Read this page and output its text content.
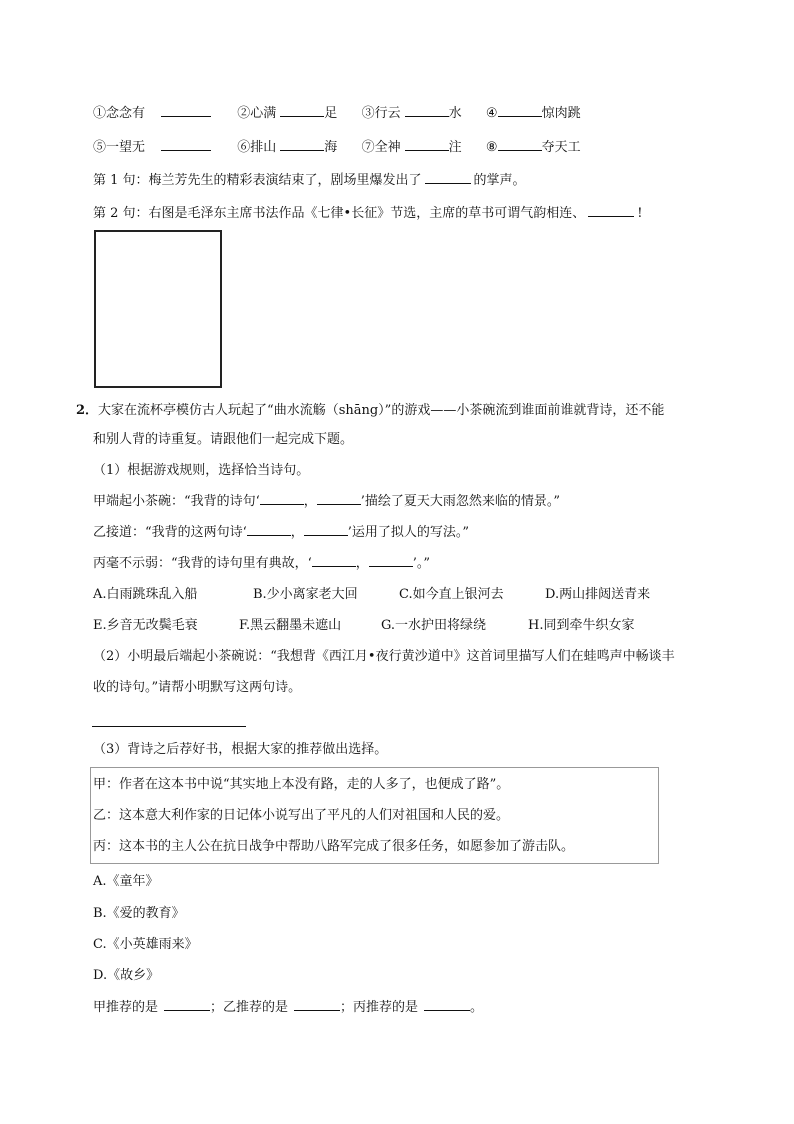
①念念有	②心满	足 ③行云	水 ④	惊肉跳
⑤一望无	⑥排山	海 ⑦全神	注 ⑧	夺天工
第 1 句：梅兰芳先生的精彩表演结束了，剧场里爆发出了	的掌声。
第 2 句：右图是毛泽东主席书法作品《七律•长征》节选，主席的草书可谓气韵相连、	!
2．大家在流杯亭模仿古人玩起了“曲水流觞（shāng）”的游戏——小茶碗流到谁面前谁就背诗，还不能
和别人背的诗重复。请跟他们一起完成下题。
（1）根据游戏规则，选择恰当诗句。
甲端起小茶碗：“我背的诗句‘	，	’描绘了夏天大雨忽然来临的情景。”
乙接道：“我背的这两句诗‘	，	’运用了拟人的写法。”
丙毫不示弱：“我背的诗句里有典故，‘	，	’。”
A.白雨跳珠乱入船	B.少小离家老大回	C.如今直上银河去	D.两山排闼送青来
E.乡音无改鬓毛衰	F.黑云翻墨未遮山	G.一水护田将绿绕	H.同到牵牛织女家
（2）小明最后端起小茶碗说：“我想背《西江月•夜行黄沙道中》这首词里描写人们在蛙鸣声中畅谈丰
收的诗句。”请帮小明默写这两句诗。
（3）背诗之后荐好书，根据大家的推荐做出选择。
甲：作者在这本书中说“其实地上本没有路，走的人多了，也便成了路”。
乙：这本意大利作家的日记体小说写出了平凡的人们对祖国和人民的爱。
丙：这本书的主人公在抗日战争中帮助八路军完成了很多任务，如愿参加了游击队。
A.《童年》
B.《爱的教育》
C.《小英雄雨来》
D.《故乡》
甲推荐的是	；乙推荐的是	；丙推荐的是	。
